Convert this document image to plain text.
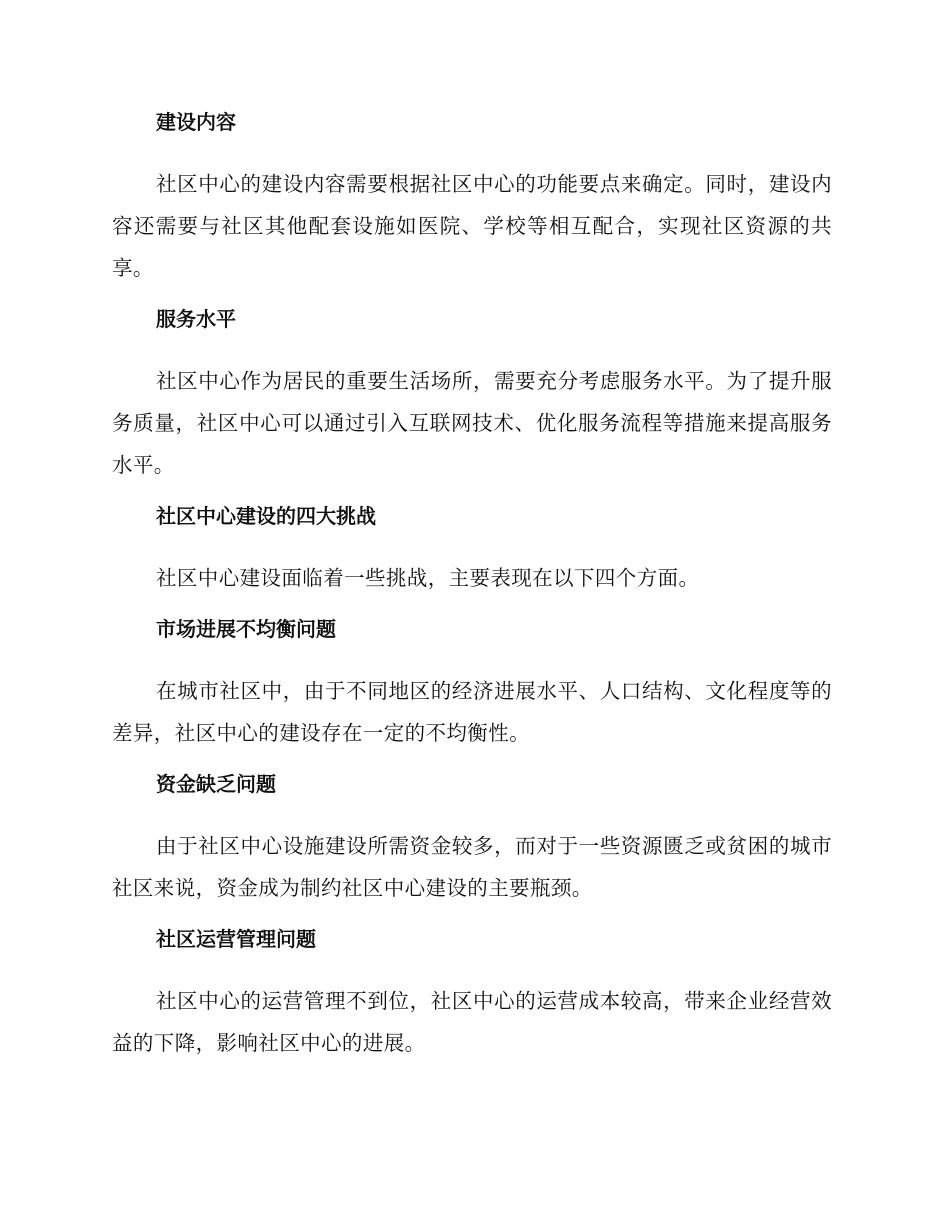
建设内容

社区中心的建设内容需要根据社区中心的功能要点来确定。同时，建设内容还需要与社区其他配套设施如医院、学校等相互配合，实现社区资源的共享。

服务水平

社区中心作为居民的重要生活场所，需要充分考虑服务水平。为了提升服务质量，社区中心可以通过引入互联网技术、优化服务流程等措施来提高服务水平。

社区中心建设的四大挑战

社区中心建设面临着一些挑战，主要表现在以下四个方面。

市场进展不均衡问题

在城市社区中，由于不同地区的经济进展水平、人口结构、文化程度等的差异，社区中心的建设存在一定的不均衡性。

资金缺乏问题

由于社区中心设施建设所需资金较多，而对于一些资源匮乏或贫困的城市社区来说，资金成为制约社区中心建设的主要瓶颈。

社区运营管理问题

社区中心的运营管理不到位，社区中心的运营成本较高，带来企业经营效益的下降，影响社区中心的进展。
